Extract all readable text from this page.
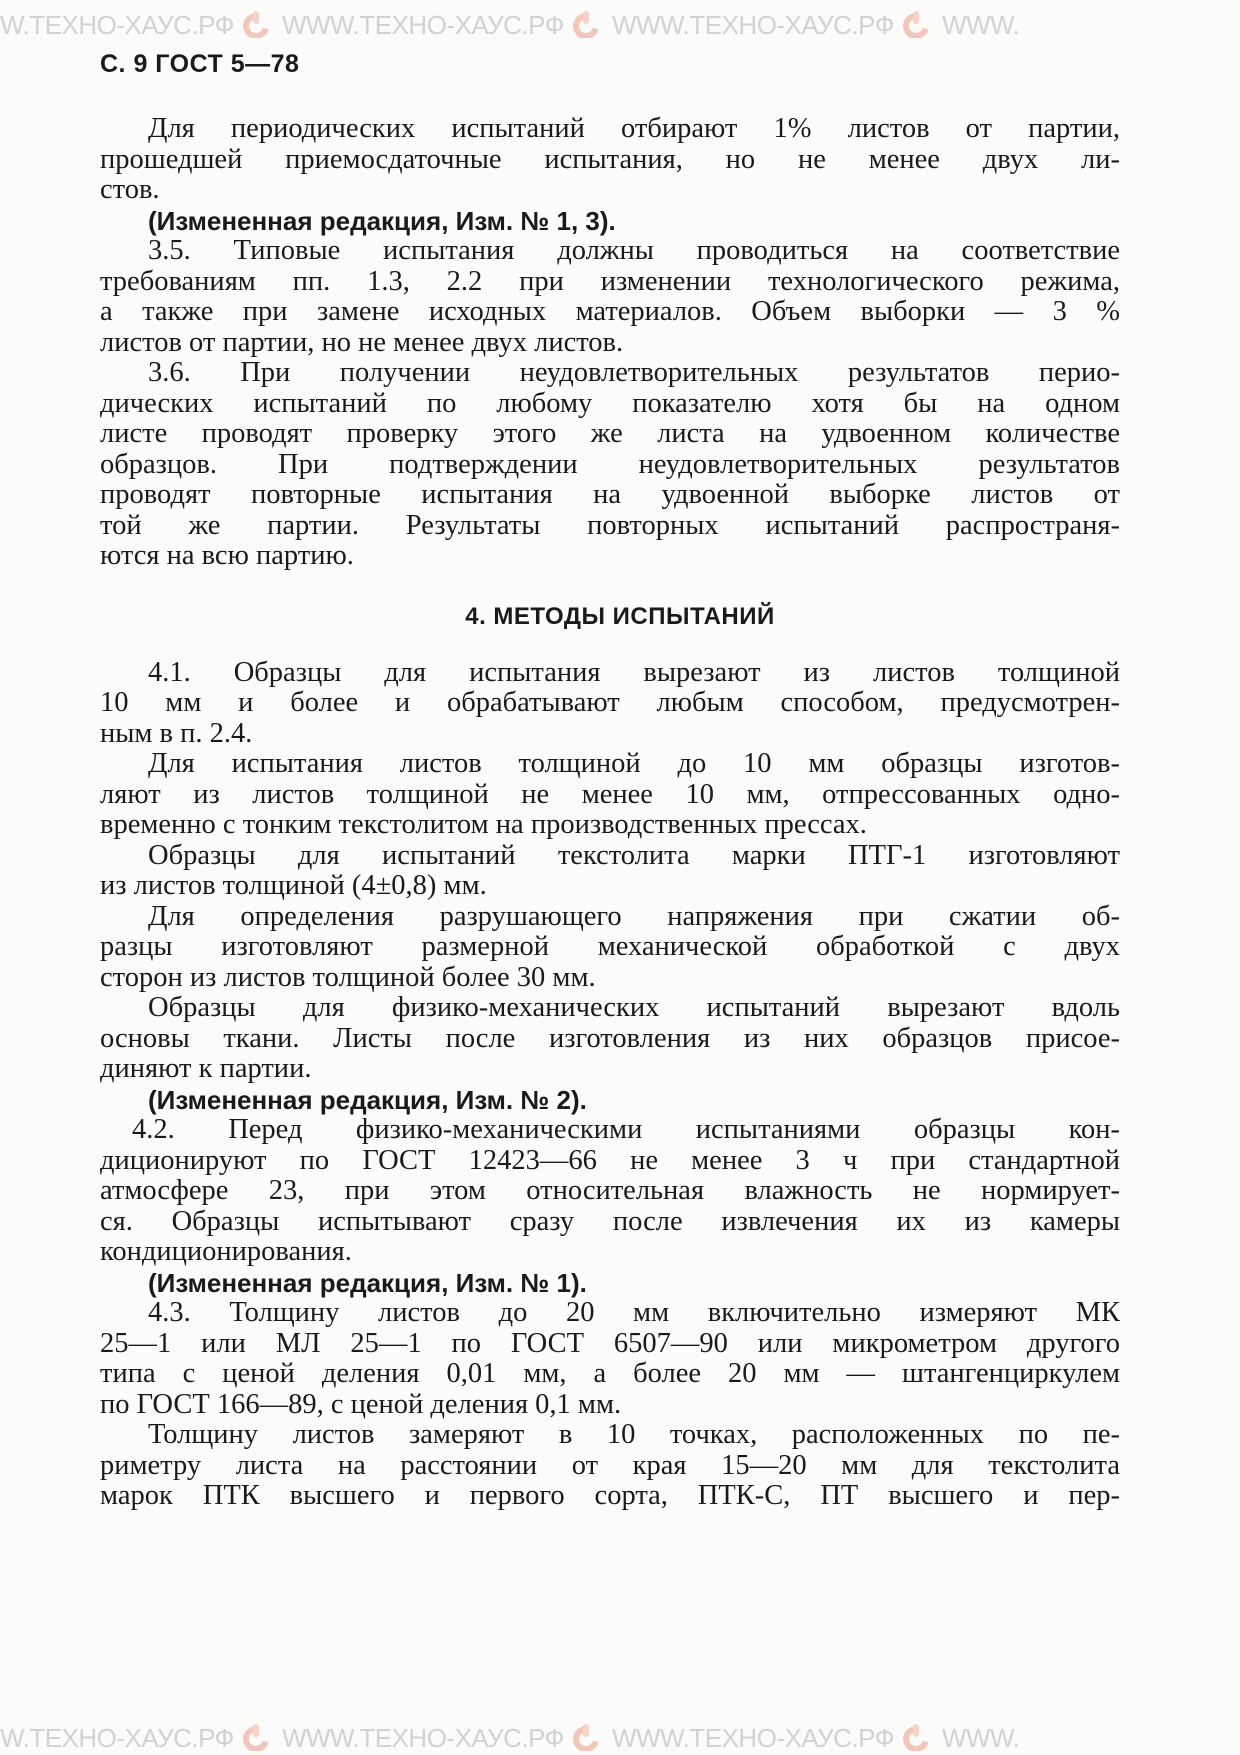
W.ТЕХНО-ХАУС.РФ WWW.ТЕХНО-ХАУС.РФ WWW.ТЕХНО-ХАУС.РФ WWW.
С. 9 ГОСТ 5—78
Для периодических испытаний отбирают 1% листов от партии,
прошедшей приемосдаточные испытания, но не менее двух ли-
стов.
(Измененная редакция, Изм. № 1, 3).
3.5. Типовые испытания должны проводиться на соответствие
требованиям пп. 1.3, 2.2 при изменении технологического режима,
а также при замене исходных материалов. Объем выборки — 3 %
листов от партии, но не менее двух листов.
3.6. При получении неудовлетворительных результатов перио-
дических испытаний по любому показателю хотя бы на одном
листе проводят проверку этого же листа на удвоенном количестве
образцов. При подтверждении неудовлетворительных результатов
проводят повторные испытания на удвоенной выборке листов от
той же партии. Результаты повторных испытаний распространя-
ются на всю партию.
4. МЕТОДЫ ИСПЫТАНИЙ
4.1. Образцы для испытания вырезают из листов толщиной
10 мм и более и обрабатывают любым способом, предусмотрен-
ным в п. 2.4.
Для испытания листов толщиной до 10 мм образцы изготов-
ляют из листов толщиной не менее 10 мм, отпрессованных одно-
временно с тонким текстолитом на производственных прессах.
Образцы для испытаний текстолита марки ПТГ-1 изготовляют
из листов толщиной (4±0,8) мм.
Для определения разрушающего напряжения при сжатии об-
разцы изготовляют размерной механической обработкой с двух
сторон из листов толщиной более 30 мм.
Образцы для физико-механических испытаний вырезают вдоль
основы ткани. Листы после изготовления из них образцов присое-
диняют к партии.
(Измененная редакция, Изм. № 2).
4.2. Перед физико-механическими испытаниями образцы кон-
диционируют по ГОСТ 12423—66 не менее 3 ч при стандартной
атмосфере 23, при этом относительная влажность не нормирует-
ся. Образцы испытывают сразу после извлечения их из камеры
кондиционирования.
(Измененная редакция, Изм. № 1).
4.3. Толщину листов до 20 мм включительно измеряют МК
25—1 или МЛ 25—1 по ГОСТ 6507—90 или микрометром другого
типа с ценой деления 0,01 мм, а более 20 мм — штангенциркулем
по ГОСТ 166—89, с ценой деления 0,1 мм.
Толщину листов замеряют в 10 точках, расположенных по пе-
риметру листа на расстоянии от края 15—20 мм для текстолита
марок ПТК высшего и первого сорта, ПТК-С, ПТ высшего и пер-
W.ТЕХНО-ХАУС.РФ WWW.ТЕХНО-ХАУС.РФ WWW.ТЕХНО-ХАУС.РФ WWW.
